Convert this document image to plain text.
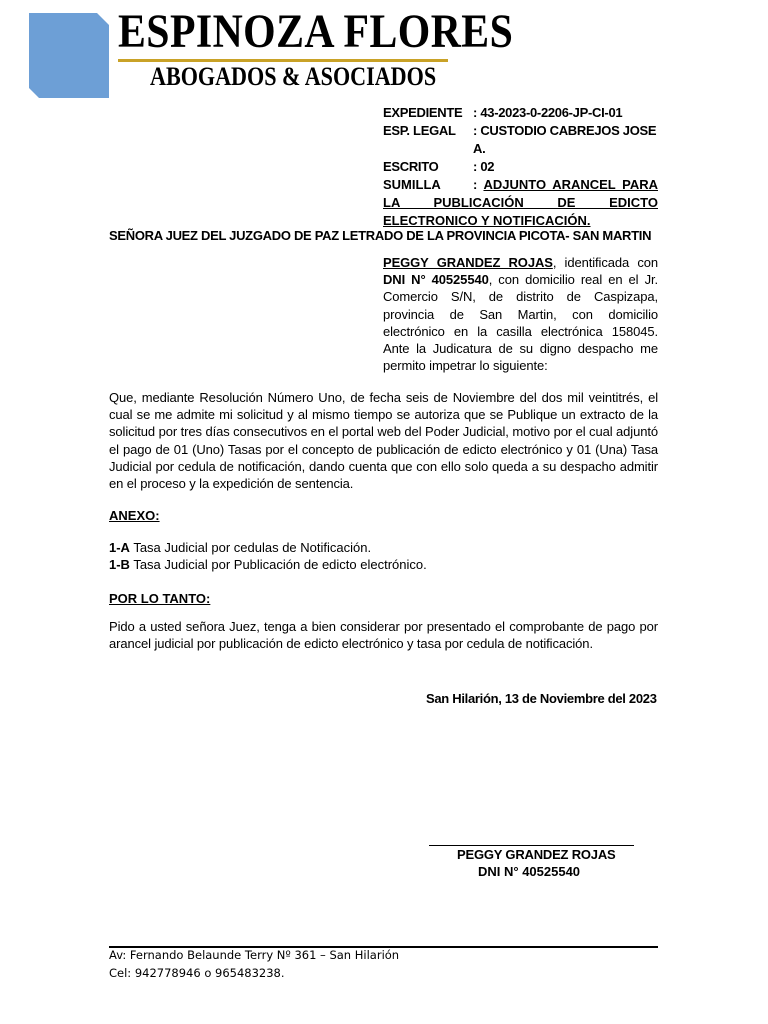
ESPINOZA FLORES
ABOGADOS & ASOCIADOS
EXPEDIENTE : 43-2023-0-2206-JP-CI-01
ESP. LEGAL	: CUSTODIO CABREJOS JOSE A.
ESCRITO	: 02
SUMILLA : ADJUNTO ARANCEL PARA LA PUBLICACIÓN DE EDICTO ELECTRONICO Y NOTIFICACIÓN.
SEÑORA JUEZ DEL JUZGADO DE PAZ LETRADO DE LA PROVINCIA PICOTA- SAN MARTIN
PEGGY GRANDEZ ROJAS, identificada con DNI N° 40525540, con domicilio real en el Jr. Comercio S/N, de distrito de Caspizapa, provincia de San Martin, con domicilio electrónico en la casilla electrónica 158045. Ante la Judicatura de su digno despacho me permito impetrar lo siguiente:
Que, mediante Resolución Número Uno, de fecha seis de Noviembre del dos mil veintitrés, el cual se me admite mi solicitud y al mismo tiempo se autoriza que se Publique un extracto de la solicitud por tres días consecutivos en el portal web del Poder Judicial, motivo por el cual adjuntó el pago de 01 (Uno) Tasas por el concepto de publicación de edicto electrónico y 01 (Una) Tasa Judicial por cedula de notificación, dando cuenta que con ello solo queda a su despacho admitir en el proceso y la expedición de sentencia.
ANEXO:
1-A Tasa Judicial por cedulas de Notificación.
1-B Tasa Judicial por Publicación de edicto electrónico.
POR LO TANTO:
Pido a usted señora Juez, tenga a bien considerar por presentado el comprobante de pago por arancel judicial por publicación de edicto electrónico y tasa por cedula de notificación.
San Hilarión, 13 de Noviembre del 2023
PEGGY GRANDEZ ROJAS
DNI N° 40525540
Av: Fernando Belaunde Terry Nº 361 – San Hilarión
Cel: 942778946 o 965483238.
